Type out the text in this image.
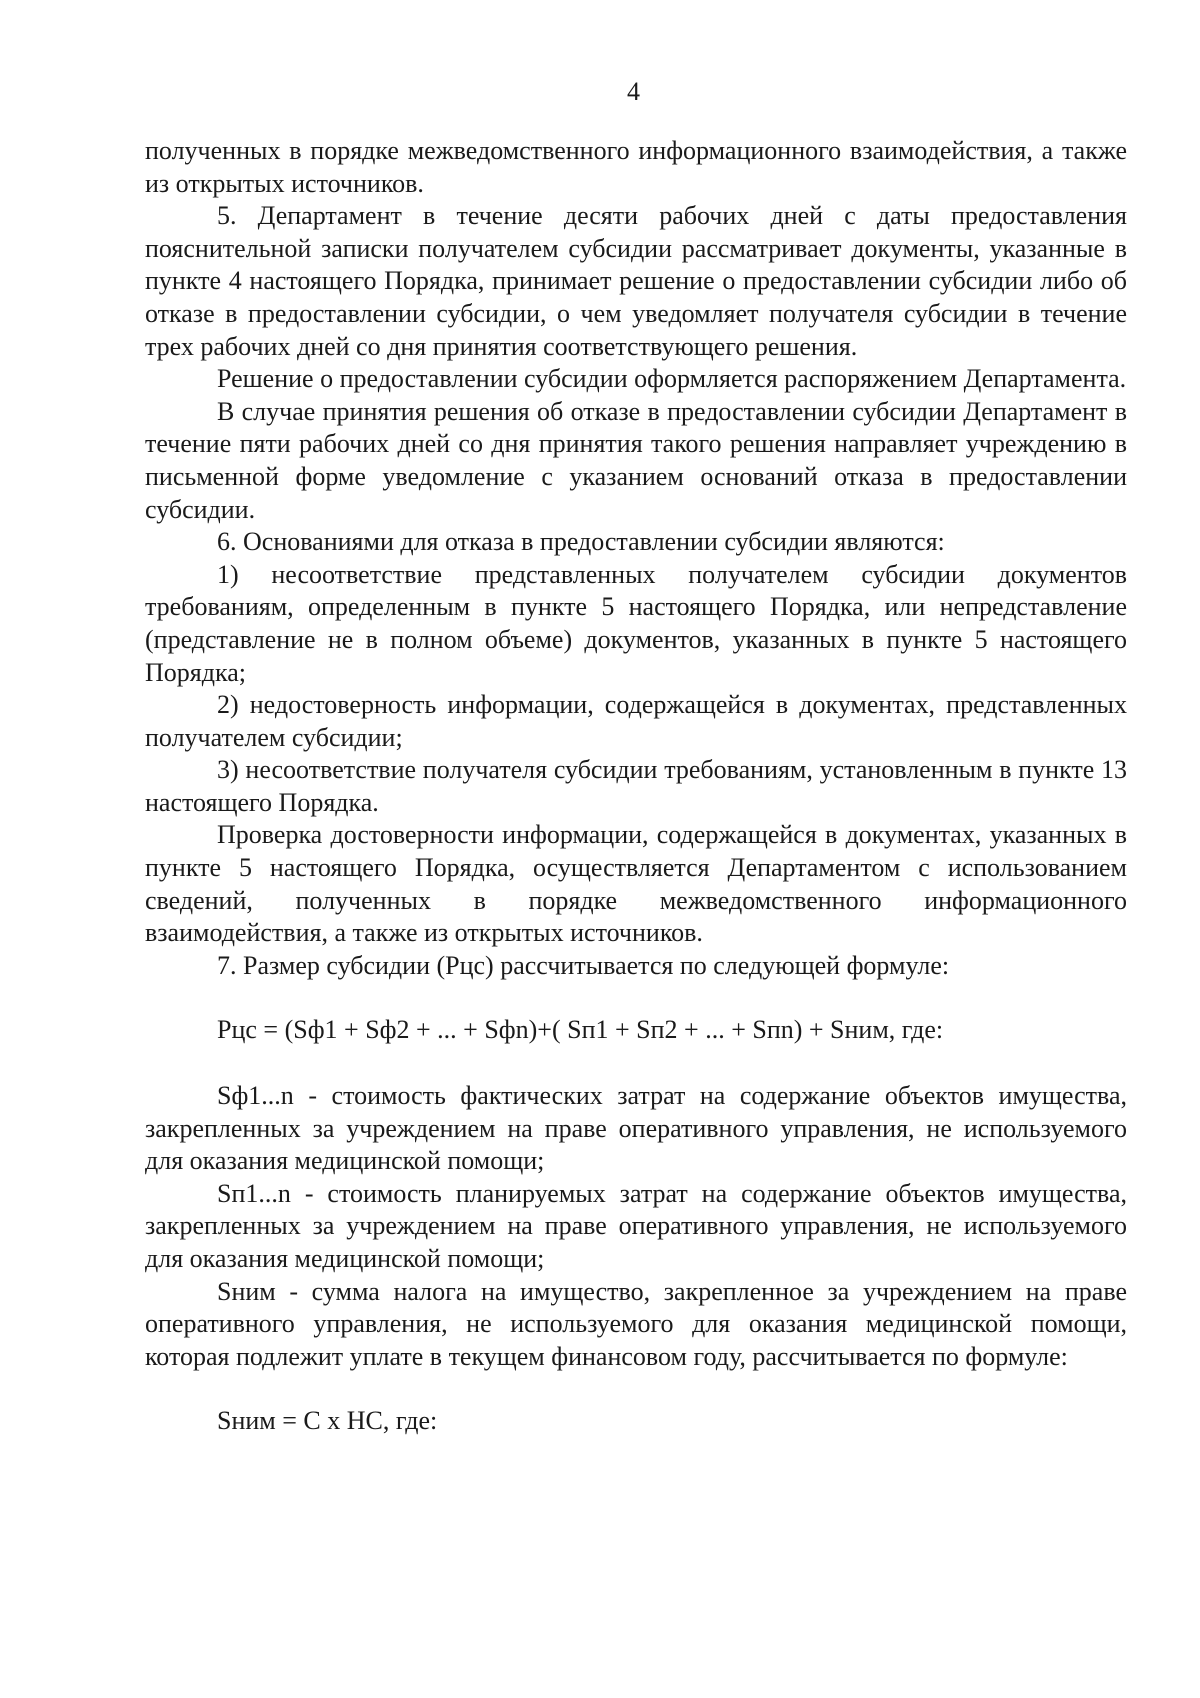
4

полученных в порядке межведомственного информационного взаимодействия, а также из открытых источников.

5. Департамент в течение десяти рабочих дней с даты предоставления пояснительной записки получателем субсидии рассматривает документы, указанные в пункте 4 настоящего Порядка, принимает решение о предоставлении субсидии либо об отказе в предоставлении субсидии, о чем уведомляет получателя субсидии в течение трех рабочих дней со дня принятия соответствующего решения.

Решение о предоставлении субсидии оформляется распоряжением Департамента.

В случае принятия решения об отказе в предоставлении субсидии Департамент в течение пяти рабочих дней со дня принятия такого решения направляет учреждению в письменной форме уведомление с указанием оснований отказа в предоставлении субсидии.

6. Основаниями для отказа в предоставлении субсидии являются:

1) несоответствие представленных получателем субсидии документов требованиям, определенным в пункте 5 настоящего Порядка, или непредставление (представление не в полном объеме) документов, указанных в пункте 5 настоящего Порядка;

2) недостоверность информации, содержащейся в документах, представленных получателем субсидии;

3) несоответствие получателя субсидии требованиям, установленным в пункте 13 настоящего Порядка.

Проверка достоверности информации, содержащейся в документах, указанных в пункте 5 настоящего Порядка, осуществляется Департаментом с использованием сведений, полученных в порядке межведомственного информационного взаимодействия, а также из открытых источников.

7. Размер субсидии (Рцс) рассчитывается по следующей формуле:

Рцс = (Sф1 + Sф2 + ... + Sфn)+( Sп1 + Sп2 + ... + Sпn) + Sним, где:

Sф1...n - стоимость фактических затрат на содержание объектов имущества, закрепленных за учреждением на праве оперативного управления, не используемого для оказания медицинской помощи;

Sп1...n - стоимость планируемых затрат на содержание объектов имущества, закрепленных за учреждением на праве оперативного управления, не используемого для оказания медицинской помощи;

Sним - сумма налога на имущество, закрепленное за учреждением на праве оперативного управления, не используемого для оказания медицинской помощи, которая подлежит уплате в текущем финансовом году, рассчитывается по формуле:

Sним = С х НС, где:
